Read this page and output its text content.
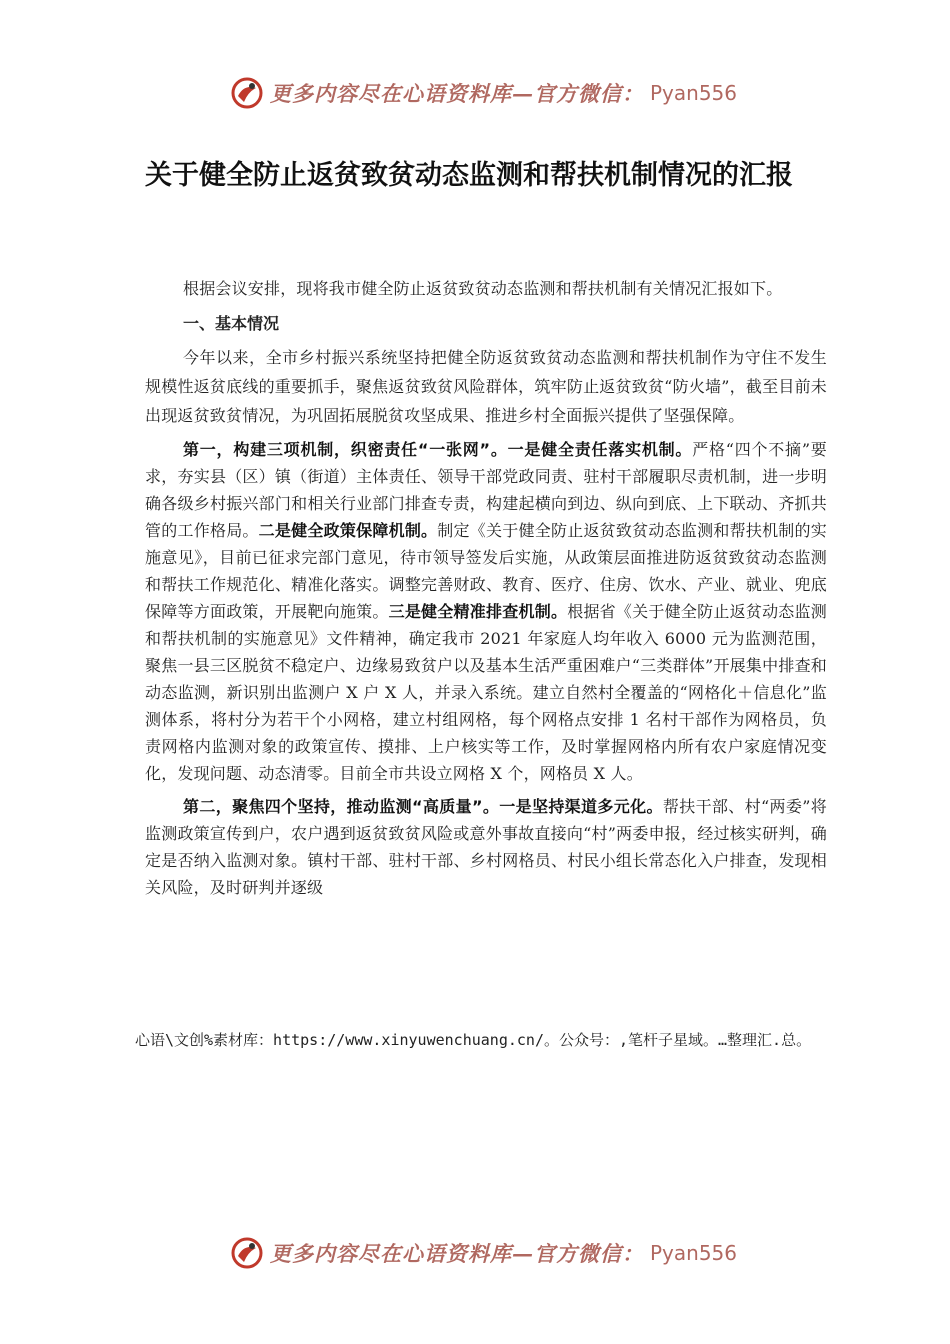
更多内容尽在心语资料库—官方微信： Pyan556
关于健全防止返贫致贫动态监测和帮扶机制情况的汇报

根据会议安排，现将我市健全防止返贫致贫动态监测和帮扶机制有关情况汇报如下。

一、基本情况

今年以来，全市乡村振兴系统坚持把健全防返贫致贫动态监测和帮扶机制作为守住不发生规模性返贫底线的重要抓手，聚焦返贫致贫风险群体，筑牢防止返贫致贫“防火墙”，截至目前未出现返贫致贫情况，为巩固拓展脱贫攻坚成果、推进乡村全面振兴提供了坚强保障。

第一，构建三项机制，织密责任“一张网”。一是健全责任落实机制。严格“四个不摘”要求，夯实县（区）镇（街道）主体责任、领导干部党政同责、驻村干部履职尽责机制，进一步明确各级乡村振兴部门和相关行业部门排查专责，构建起横向到边、纵向到底、上下联动、齐抓共管的工作格局。二是健全政策保障机制。制定《关于健全防止返贫致贫动态监测和帮扶机制的实施意见》，目前已征求完部门意见，待市领导签发后实施，从政策层面推进防返贫致贫动态监测和帮扶工作规范化、精准化落实。调整完善财政、教育、医疗、住房、饮水、产业、就业、兜底保障等方面政策，开展靶向施策。三是健全精准排查机制。根据省《关于健全防止返贫动态监测和帮扶机制的实施意见》文件精神，确定我市 2021 年家庭人均年收入 6000 元为监测范围，聚焦一县三区脱贫不稳定户、边缘易致贫户以及基本生活严重困难户“三类群体”开展集中排查和动态监测，新识别出监测户 X 户 X 人，并录入系统。建立自然村全覆盖的“网格化＋信息化”监测体系，将村分为若干个小网格，建立村组网格，每个网格点安排 1 名村干部作为网格员，负责网格内监测对象的政策宣传、摸排、上户核实等工作，及时掌握网格内所有农户家庭情况变化，发现问题、动态清零。目前全市共设立网格 X 个，网格员 X 人。

第二，聚焦四个坚持，推动监测“高质量”。一是坚持渠道多元化。帮扶干部、村“两委”将监测政策宣传到户，农户遇到返贫致贫风险或意外事故直接向“村”两委申报，经过核实研判，确定是否纳入监测对象。镇村干部、驻村干部、乡村网格员、村民小组长常态化入户排查，发现相关风险，及时研判并逐级

心语\文创%素材库：https://www.xinyuwenchuang.cn/。公众号：,笔杆子星域。…整理汇.总。

更多内容尽在心语资料库—官方微信： Pyan556
